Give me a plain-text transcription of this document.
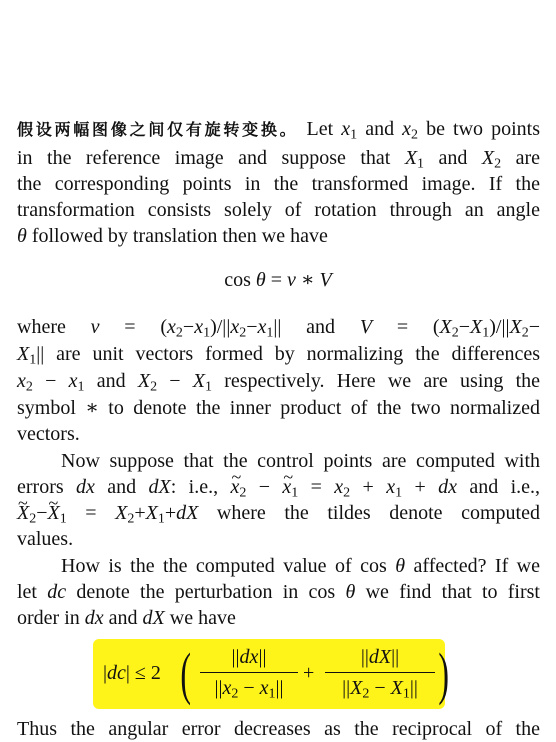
假设两幅图像之间仅有旋转变换。 Let $x_1$ and $x_2$ be two points
in the reference image and suppose that $X_1$ and $X_2$ are
the corresponding points in the transformed image. If the
transformation consists solely of rotation through an angle
θ followed by translation then we have
cos θ = v ∗ V
where $v = (x_2-x_1)/||x_2-x_1||$ and $V = (X_2-X_1)/||X_2-$
$X_1||$ are unit vectors formed by normalizing the differences
$x_2 - x_1$ and $X_2 - X_1$ respectively. Here we are using the
symbol ∗ to denote the inner product of the two normalized
vectors.
Now suppose that the control points are computed with
errors dx and dX: i.e., ~ $x_2$ − ~ $x_1 = x_2 + x_1$ + dx and i.e.,
~ $X_2-\sim$ $X_1 = X_2+X_1+dX$ where the tildes denote computed
values.
How is the the computed value of cos θ affected? If we
let dc denote the perturbation in cos θ we find that to first
order in dx and dX we have
|dc| ≤ 2 (	||dx||
$||x_2 - x_1||$
+
||dX||
$||X_2 - X_1||$ )
Thus the angular error decreases as the reciprocal of the
